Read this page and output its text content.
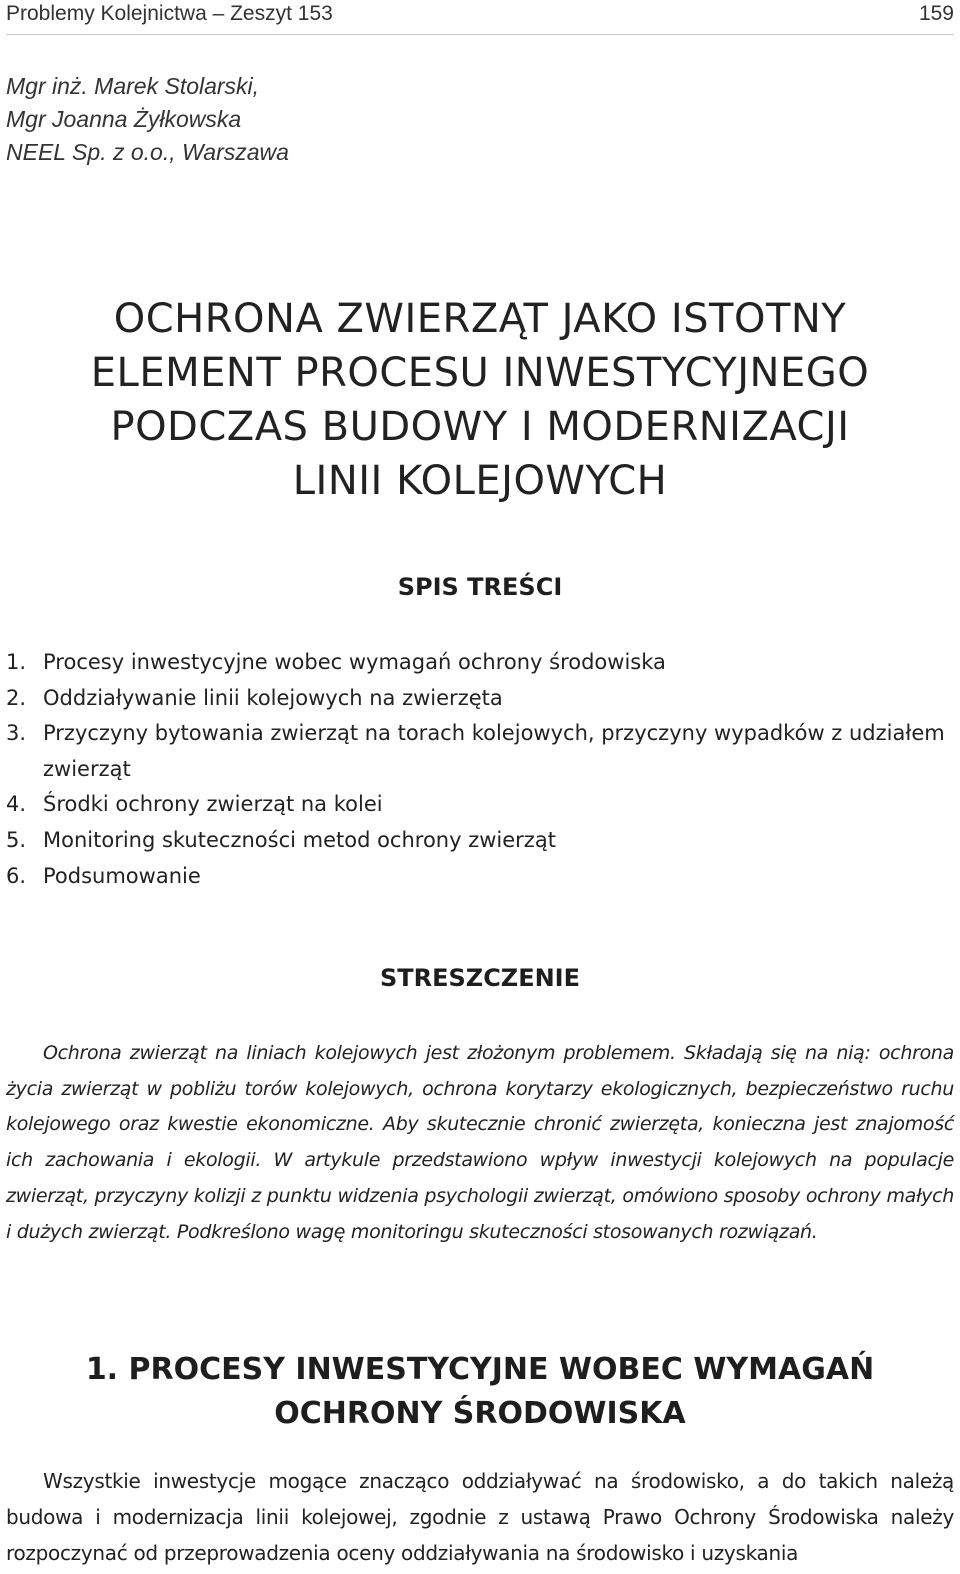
Problemy Kolejnictwa – Zeszyt 153	159
Mgr inż. Marek Stolarski,
Mgr Joanna Żyłkowska
NEEL Sp. z o.o., Warszawa
OCHRONA ZWIERZĄT JAKO ISTOTNY
ELEMENT PROCESU INWESTYCYJNEGO
PODCZAS BUDOWY I MODERNIZACJI
LINII KOLEJOWYCH
SPIS TREŚCI
1. Procesy inwestycyjne wobec wymagań ochrony środowiska
2. Oddziaływanie linii kolejowych na zwierzęta
3. Przyczyny bytowania zwierząt na torach kolejowych, przyczyny wypadków z udziałem zwierząt
4. Środki ochrony zwierząt na kolei
5. Monitoring skuteczności metod ochrony zwierząt
6. Podsumowanie
STRESZCZENIE

Ochrona zwierząt na liniach kolejowych jest złożonym problemem. Składają się na nią: ochrona życia zwierząt w pobliżu torów kolejowych, ochrona korytarzy ekologicznych, bezpieczeństwo ruchu kolejowego oraz kwestie ekonomiczne. Aby skutecznie chronić zwierzęta, konieczna jest znajomość ich zachowania i ekologii. W artykule przedstawiono wpływ inwestycji kolejowych na populacje zwierząt, przyczyny kolizji z punktu widzenia psychologii zwierząt, omówiono sposoby ochrony małych i dużych zwierząt. Podkreślono wagę monitoringu skuteczności stosowanych rozwiązań.

1. PROCESY INWESTYCYJNE WOBEC WYMAGAŃ
OCHRONY ŚRODOWISKA

Wszystkie inwestycje mogące znacząco oddziaływać na środowisko, a do takich należą budowa i modernizacja linii kolejowej, zgodnie z ustawą Prawo Ochrony Środowiska należy rozpoczynać od przeprowadzenia oceny oddziaływania na środowisko i uzyskania
